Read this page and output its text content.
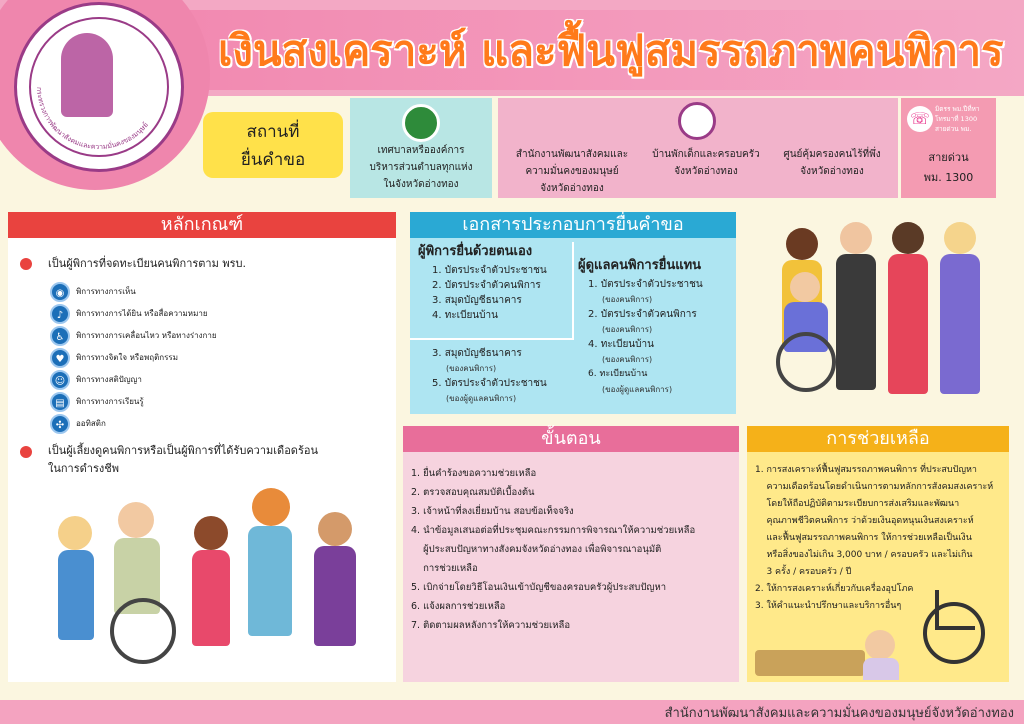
กระทรวงการพัฒนาสังคมและความมั่นคงของมนุษย์
เงินสงเคราะห์ และฟื้นฟูสมรรถภาพคนพิการ
สถานที่
ยื่นคำขอ	เทศบาลหรือองค์การ
บริหารส่วนตำบลทุกแห่ง
ในจังหวัดอ่างทอง
สำนักงานพัฒนาสังคมและ
ความมั่นคงของมนุษย์
จังหวัดอ่างทอง
บ้านพักเด็กและครอบครัว
จังหวัดอ่างทอง
ศูนย์คุ้มครองคนไร้ที่พึ่ง
จังหวัดอ่างทอง
☏ มิตรร พม.ปีที่หา
โทรมาที่ 1300
สายด่วน พม.
สายด่วน
พม. 1300
หลักเกณฑ์
เป็นผู้พิการที่จดทะเบียนคนพิการตาม พรบ.
◉	พิการทางการเห็น
♪	พิการทางการได้ยิน หรือสื่อความหมาย
♿	พิการทางการเคลื่อนไหว หรือทางร่างกาย
♥	พิการทางจิตใจ หรือพฤติกรรม
☺	พิการทางสติปัญญา
▤	พิการทางการเรียนรู้
✣	ออทิสติก
เป็นผู้เลี้ยงดูคนพิการหรือเป็นผู้พิการที่ได้รับความเดือดร้อน
ในการดำรงชีพ
เอกสารประกอบการยื่นคำขอ
ผู้พิการยื่นด้วยตนเอง
1. บัตรประจำตัวประชาชน
2. บัตรประจำตัวคนพิการ
3. สมุดบัญชีธนาคาร
4. ทะเบียนบ้าน
3. สมุดบัญชีธนาคาร
(ของคนพิการ)
5. บัตรประจำตัวประชาชน
(ของผู้ดูแลคนพิการ)
ผู้ดูแลคนพิการยื่นแทน
1. บัตรประจำตัวประชาชน
(ของคนพิการ)
2. บัตรประจำตัวคนพิการ
(ของคนพิการ)
4. ทะเบียนบ้าน
(ของคนพิการ)
6. ทะเบียนบ้าน
(ของผู้ดูแลคนพิการ)
ขั้นตอน
1. ยื่นคำร้องขอความช่วยเหลือ
2. ตรวจสอบคุณสมบัติเบื้องต้น
3. เจ้าหน้าที่ลงเยี่ยมบ้าน สอบข้อเท็จจริง
4. นำข้อมูลเสนอต่อที่ประชุมคณะกรรมการพิจารณาให้ความช่วยเหลือ
ผู้ประสบปัญหาทางสังคมจังหวัดอ่างทอง เพื่อพิจารณาอนุมัติ
การช่วยเหลือ
5. เบิกจ่ายโดยวิธีโอนเงินเข้าบัญชีของครอบครัวผู้ประสบปัญหา
6. แจ้งผลการช่วยเหลือ
7. ติดตามผลหลังการให้ความช่วยเหลือ
การช่วยเหลือ
1. การสงเคราะห์ฟื้นฟูสมรรถภาพคนพิการ ที่ประสบปัญหา
ความเดือดร้อนโดยดำเนินการตามหลักการสังคมสงเคราะห์
โดยให้ถือปฏิบัติตามระเบียบการส่งเสริมและพัฒนา
คุณภาพชีวิตคนพิการ ว่าด้วยเงินอุดหนุนเงินสงเคราะห์
และฟื้นฟูสมรรถภาพคนพิการ ให้การช่วยเหลือเป็นเงิน
หรือสิ่งของไม่เกิน 3,000 บาท / ครอบครัว และไม่เกิน
3 ครั้ง / ครอบครัว / ปี
2. ให้การสงเคราะห์เกี่ยวกับเครื่องอุปโภค
3. ให้คำแนะนำปรึกษาและบริการอื่นๆ
สำนักงานพัฒนาสังคมและความมั่นคงของมนุษย์จังหวัดอ่างทอง
